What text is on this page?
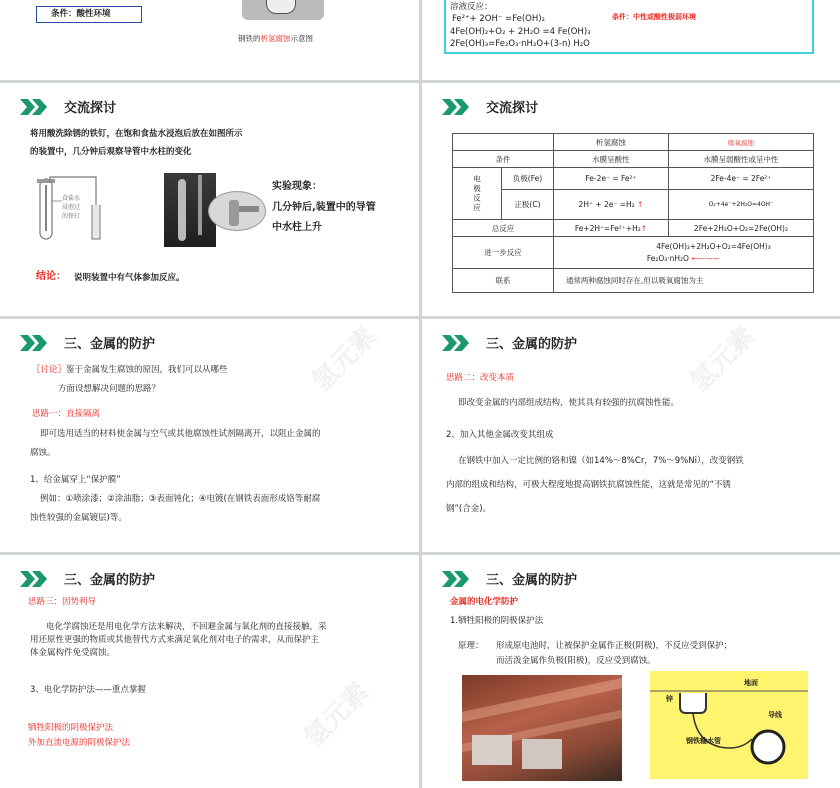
条件：酸性环境
钢铁的析氢腐蚀示意图
溶液反应：
条件：中性或酸性极弱环境
Fe²⁺+ 2OH⁻ =Fe(OH)₂
4Fe(OH)₂+O₂ + 2H₂O =4 Fe(OH)₃
2Fe(OH)₃=Fe₂O₃·nH₂O+(3-n) H₂O
交流探讨
将用酸洗除锈的铁钉，在饱和食盐水浸泡后放在如图所示
的装置中，几分钟后观察导管中水柱的变化
食盐水
浸泡过
的铁钉
实验现象：
几分钟后,装置中的导管
中水柱上升
结论： 说明装置中有气体参加反应。
交流探讨
		析氢腐蚀	吸氧腐蚀
条件		水膜呈酸性	水膜呈弱酸性或呈中性
电极反应	负极(Fe)	Fe-2e⁻ = Fe²⁺	2Fe-4e⁻ = 2Fe²⁺
	正极(C)	2H⁺ + 2e⁻ =H₂ ↑	O₂+4e⁻+2H₂O=4OH⁻
总反应		Fe+2H⁺=Fe²⁺+H₂↑	2Fe+2H₂O+O₂=2Fe(OH)₂
进一步反应		4Fe(OH)₂+2H₂O+O₂=4Fe(OH)₃
Fe₂O₃·nH₂O ←———	

联系		通常两种腐蚀同时存在,但以吸氧腐蚀为主	
三、金属的防护	氢元素
〖讨论〗鉴于金属发生腐蚀的原因，我们可以从哪些
方面设想解决问题的思路？
思路一：直接隔离
即可选用适当的材料使金属与空气或其他腐蚀性试剂隔离开，以阻止金属的
腐蚀。
1、给金属穿上“保护膜”
例如：①喷涂漆；②涂油脂；③表面钝化；④电镀(在钢铁表面形成铬等耐腐
蚀性较强的金属镀层)等。
三、金属的防护	氢元素
思路二：改变本质
即改变金属的内部组成结构，使其具有较强的抗腐蚀性能。
2、加入其他金属改变其组成
在钢铁中加入一定比例的铬和镍（如14%～8%Cr，7%～9%Ni），改变钢铁
内部的组成和结构，可极大程度地提高钢铁抗腐蚀性能，这就是常见的“不锈
钢”(合金)。
三、金属的防护
氢元素
思路三：因势利导
电化学腐蚀还是用电化学方法来解决，不回避金属与氧化剂的直接接触，采
用还原性更强的物质或其他替代方式来满足氧化剂对电子的需求，从而保护主
体金属构件免受腐蚀。
3、电化学防护法——重点掌握
牺牲阳极的阴极保护法
外加直流电源的阴极保护法
三、金属的防护
金属的电化学防护
1.牺牲阳极的阴极保护法
原理： 形成原电池时，让被保护金属作正极(阴极)，不反应受到保护；
而活泼金属作负极(阳极)，反应受到腐蚀。
锌
地面
导线
钢铁输水管
